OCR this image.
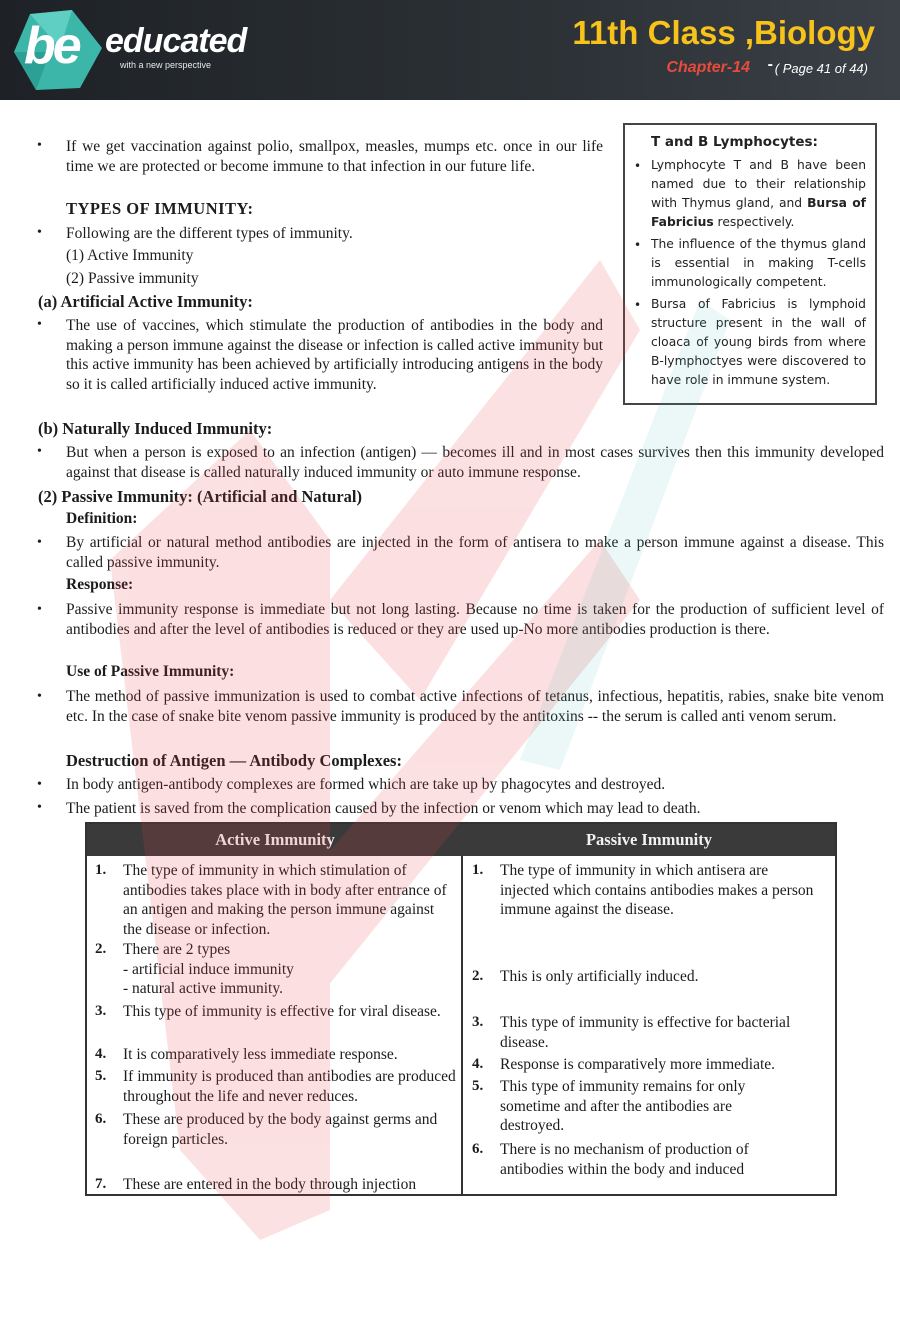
be educated
with a new perspective
11th Class ,Biology
Chapter-14 - ( Page 41 of 44)
• If we get vaccination against polio, smallpox, measles, mumps etc. once in our life time we are protected or become immune to that infection in our future life.
TYPES OF IMMUNITY:
• Following are the different types of immunity.
(1) Active Immunity
(2) Passive immunity
(a) Artificial Active Immunity:
• The use of vaccines, which stimulate the production of antibodies in the body and making a person immune against the disease or infection is called active immunity but this active immunity has been achieved by artificially introducing antigens in the body so it is called artificially induced active immunity.
(b) Naturally Induced Immunity:
• But when a person is exposed to an infection (antigen) — becomes ill and in most cases survives then this immunity developed against that disease is called naturally induced immunity or auto immune response.
(2) Passive Immunity: (Artificial and Natural)
Definition:
• By artificial or natural method antibodies are injected in the form of antisera to make a person immune against a disease. This called passive immunity.
Response:
• Passive immunity response is immediate but not long lasting. Because no time is taken for the production of sufficient level of antibodies and after the level of antibodies is reduced or they are used up-No more antibodies production is there.
Use of Passive Immunity:
• The method of passive immunization is used to combat active infections of tetanus, infectious, hepatitis, rabies, snake bite venom etc. In the case of snake bite venom passive immunity is produced by the antitoxins -- the serum is called anti venom serum.
Destruction of Antigen — Antibody Complexes:
• In body antigen-antibody complexes are formed which are take up by phagocytes and destroyed.
• The patient is saved from the complication caused by the infection or venom which may lead to death.
T and B Lymphocytes:
• Lymphocyte T and B have been named due to their relationship with Thymus gland, and Bursa of Fabricius respectively.
• The influence of the thymus gland is essential in making T-cells immunologically competent.
• Bursa of Fabricius is lymphoid structure present in the wall of cloaca of young birds from where B-lymphoctyes were discovered to have role in immune system.
Active Immunity	Passive Immunity
1. The type of immunity in which stimulation of antibodies takes place with in body after entrance of an antigen and making the person immune against the disease or infection.
2. There are 2 types
- artificial induce immunity
- natural active immunity.
3. This type of immunity is effective for viral disease.
4. It is comparatively less immediate response.
5. If immunity is produced than antibodies are produced throughout the life and never reduces.
6. These are produced by the body against germs and foreign particles.
7. These are entered in the body through injection
1. The type of immunity in which antisera are injected which contains antibodies makes a person immune against the disease.
2. This is only artificially induced.
3. This type of immunity is effective for bacterial disease.
4. Response is comparatively more immediate.
5. This type of immunity remains for only sometime and after the antibodies are destroyed.
6. There is no mechanism of production of antibodies within the body and induced
